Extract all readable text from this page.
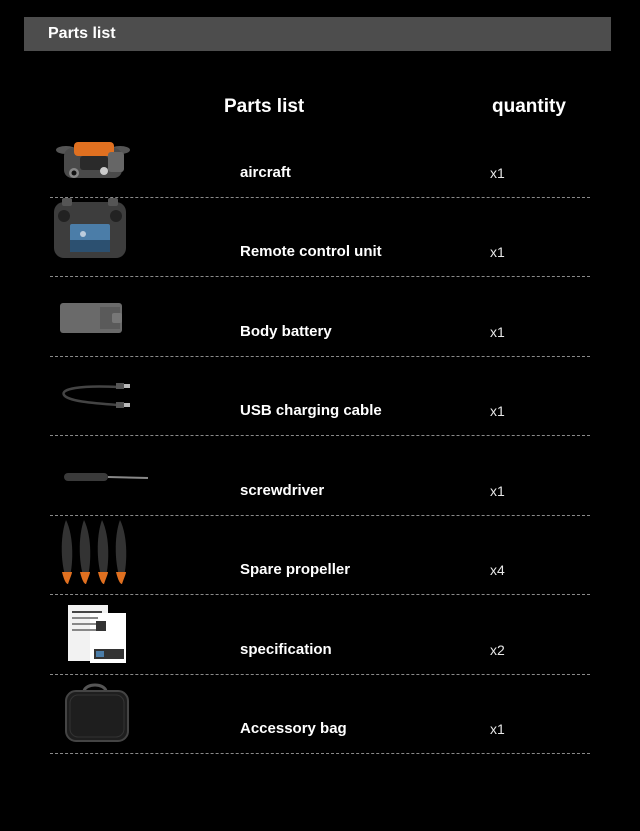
Parts list
Parts list	quantity
aircraft	x1
Remote control unit	x1
Body battery	x1
USB charging cable	x1
screwdriver	x1
Spare propeller	x4
specification	x2
Accessory bag	x1
